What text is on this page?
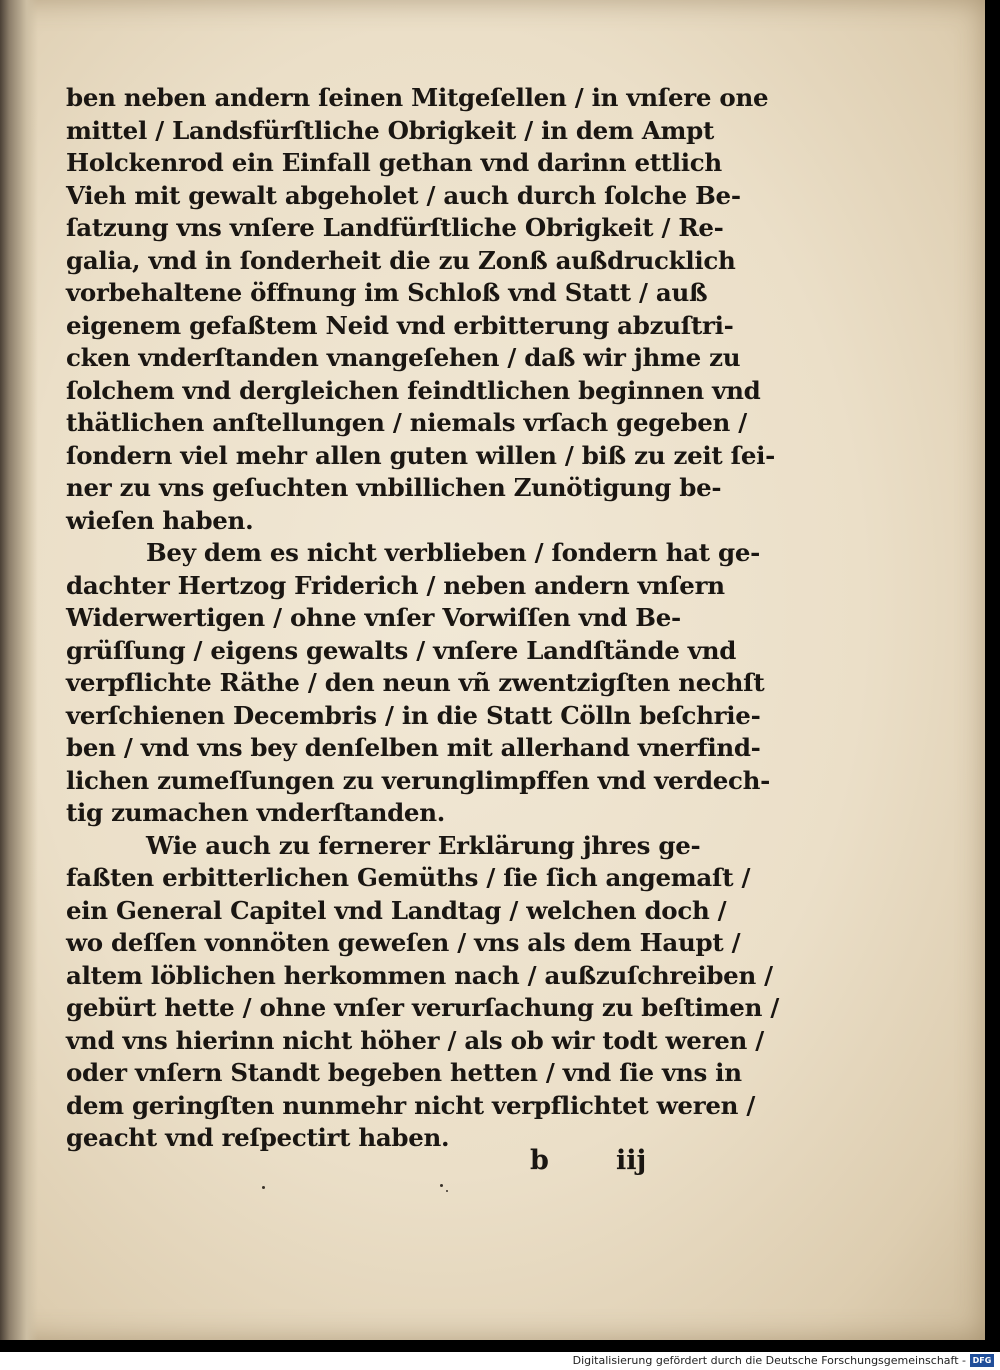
ben neben andern ſeinen Mitgeſellen / in vnſere one
mittel / Landsfürſtliche Obrigkeit / in dem Ampt
Holckenrod ein Einfall gethan vnd darinn ettlich
Vieh mit gewalt abgeholet / auch durch ſolche Be-
ſatzung vns vnſere Landfürſtliche Obrigkeit / Re-
galia, vnd in ſonderheit die zu Zonß außdrucklich
vorbehaltene öffnung im Schloß vnd Statt / auß
eigenem gefaßtem Neid vnd erbitterung abzuſtri-
cken vnderſtanden vnangeſehen / daß wir jhme zu
ſolchem vnd dergleichen feindtlichen beginnen vnd
thätlichen anſtellungen / niemals vrſach gegeben /
ſondern viel mehr allen guten willen / biß zu zeit ſei-
ner zu vns geſuchten vnbillichen Zunötigung be-
wieſen haben.
Bey dem es nicht verblieben / ſondern hat ge-
dachter Hertzog Friderich / neben andern vnſern
Widerwertigen / ohne vnſer Vorwiſſen vnd Be-
grüſſung / eigens gewalts / vnſere Landſtände vnd
verpflichte Räthe / den neun vñ zwentzigſten nechſt
verſchienen Decembris / in die Statt Cölln beſchrie-
ben / vnd vns bey denſelben mit allerhand vnerfind-
lichen zumeſſungen zu verunglimpffen vnd verdech-
tig zumachen vnderſtanden.
Wie auch zu fernerer Erklärung jhres ge-
faßten erbitterlichen Gemüths / ſie ſich angemaſt /
ein General Capitel vnd Landtag / welchen doch /
wo deſſen vonnöten geweſen / vns als dem Haupt /
altem löblichen herkommen nach / außzuſchreiben /
gebürt hette / ohne vnſer verurſachung zu beſtimen /
vnd vns hierinn nicht höher / als ob wir todt weren /
oder vnſern Standt begeben hetten / vnd ſie vns in
dem geringſten nunmehr nicht verpflichtet weren /
geacht vnd reſpectirt haben.
b iij
Digitalisierung gefördert durch die Deutsche Forschungsgemeinschaft - DFG
